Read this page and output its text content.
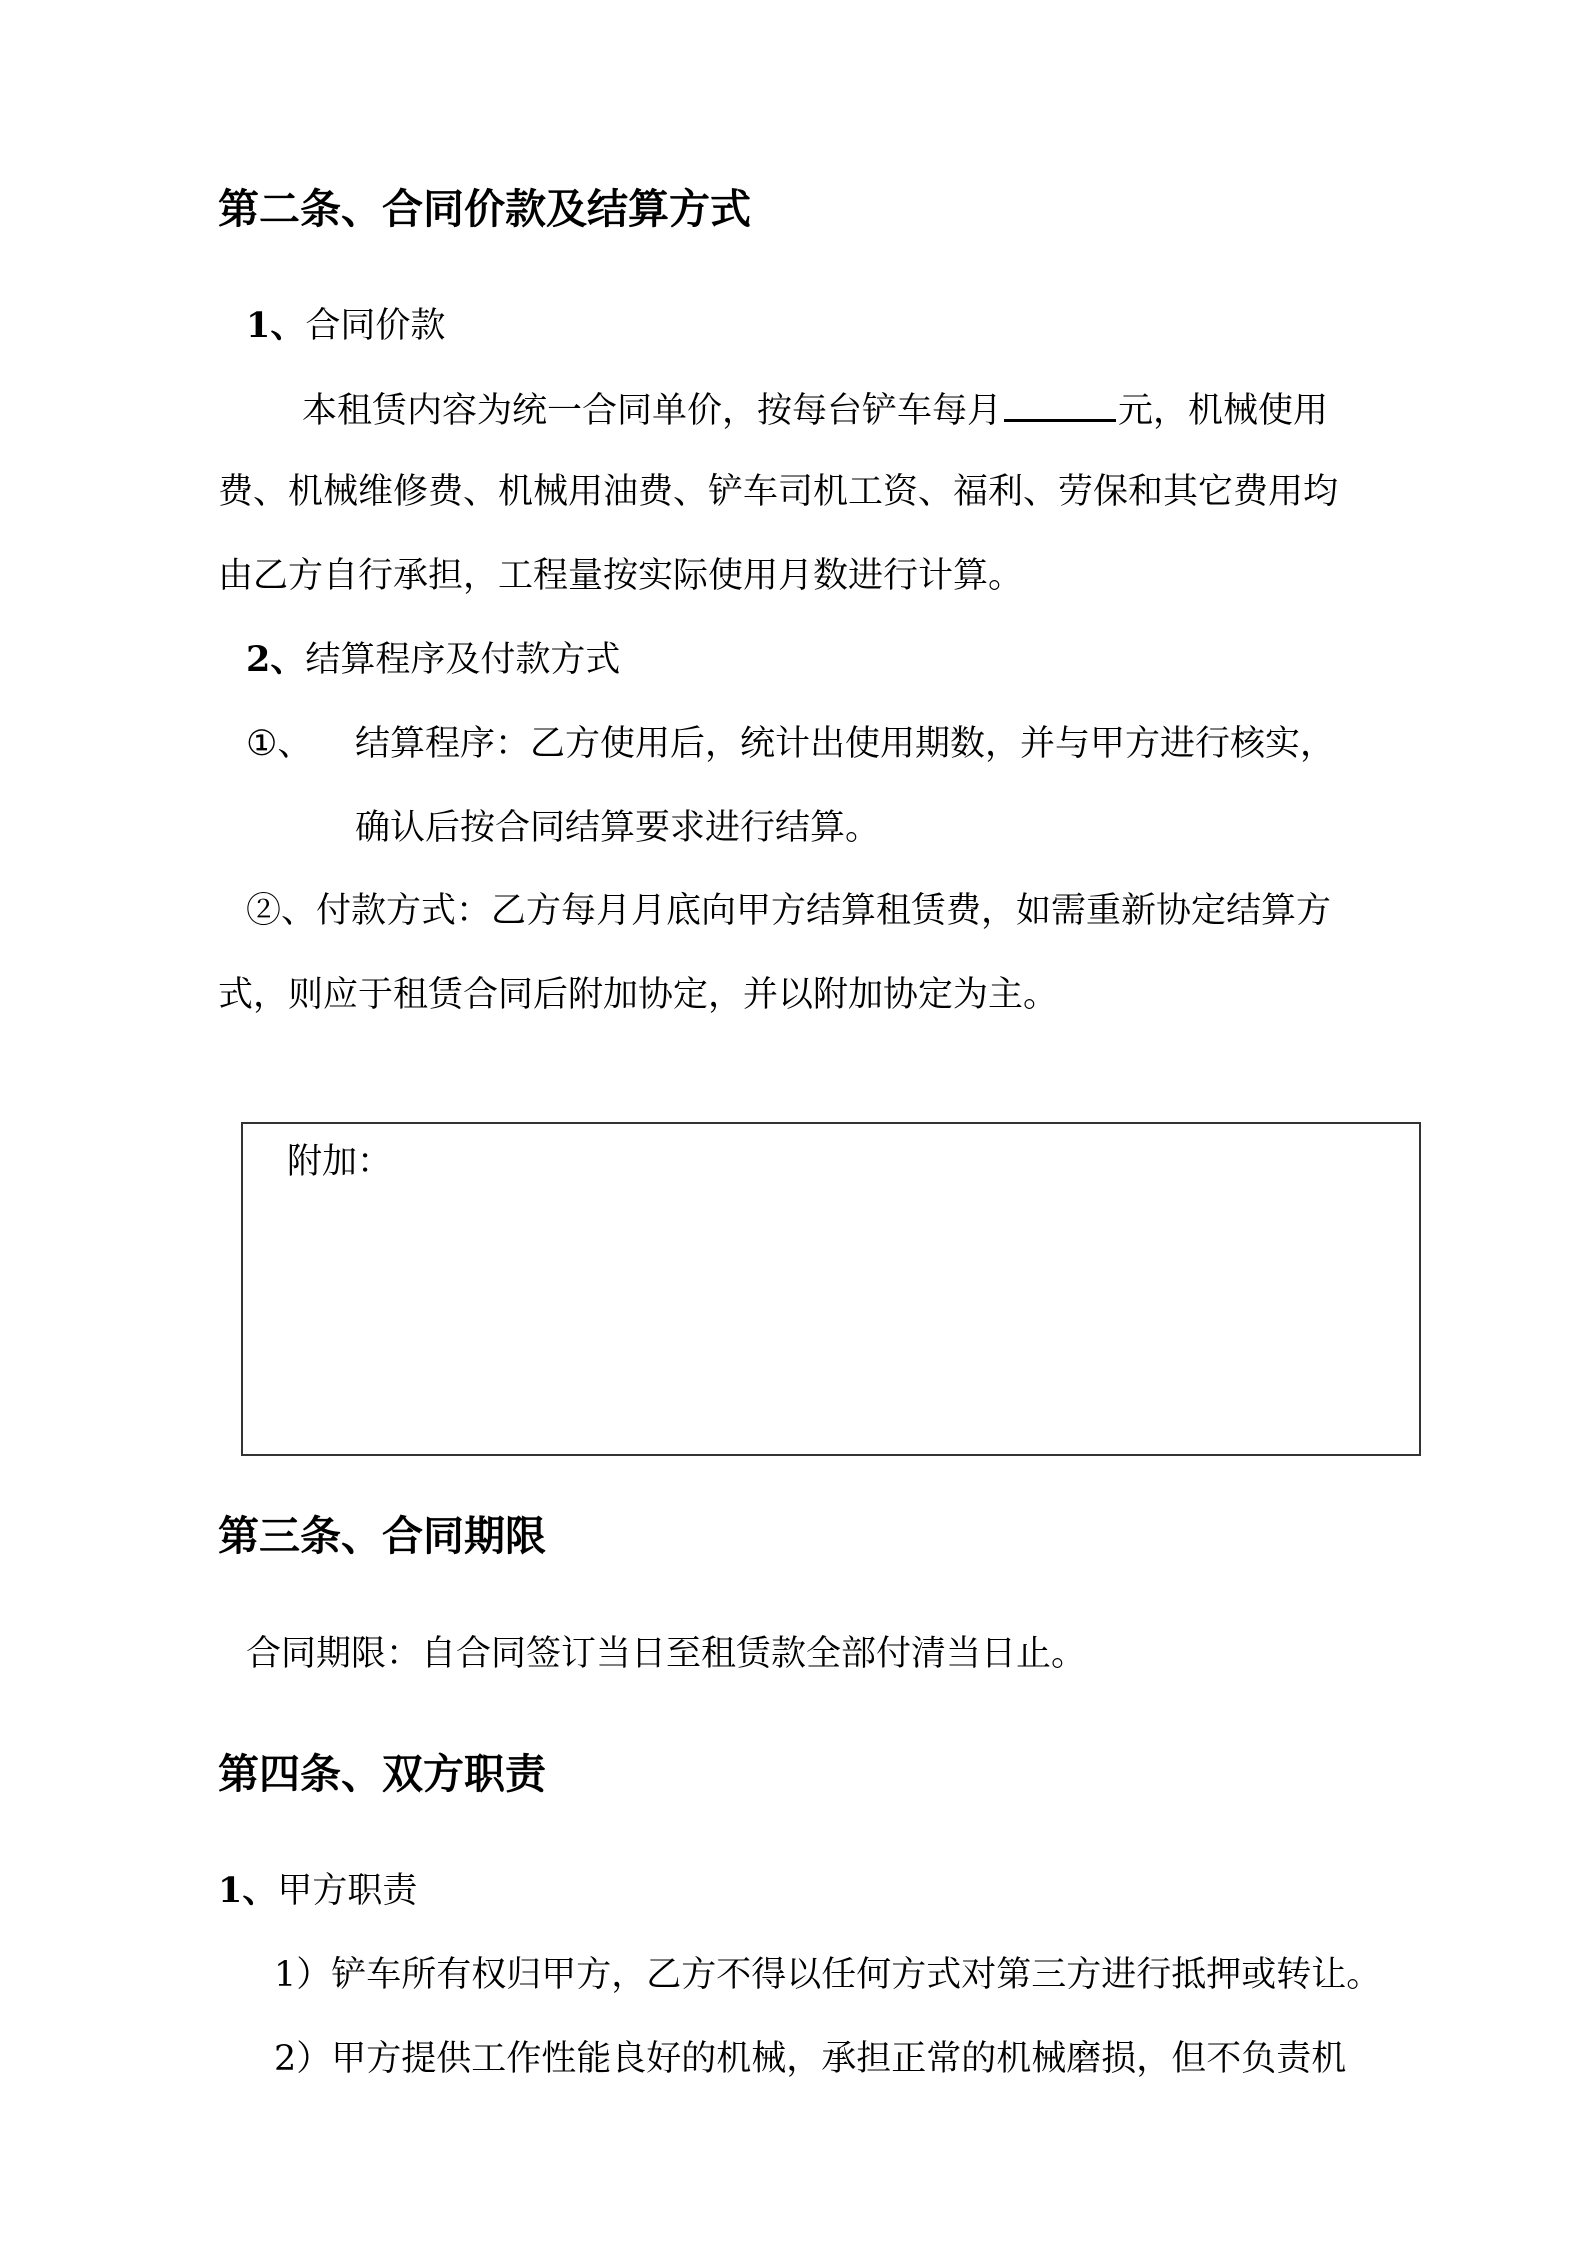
第二条、合同价款及结算方式
1、合同价款
本租赁内容为统一合同单价，按每台铲车每月	元，机械使用
费、机械维修费、机械用油费、铲车司机工资、福利、劳保和其它费用均
由乙方自行承担，工程量按实际使用月数进行计算。
2、结算程序及付款方式
①、 结算程序：乙方使用后，统计出使用期数，并与甲方进行核实，
确认后按合同结算要求进行结算。
②、付款方式：乙方每月月底向甲方结算租赁费，如需重新协定结算方
式，则应于租赁合同后附加协定，并以附加协定为主。
附加：
第三条、合同期限
合同期限：自合同签订当日至租赁款全部付清当日止。
第四条、双方职责
1、甲方职责
1）铲车所有权归甲方，乙方不得以任何方式对第三方进行抵押或转让。
2）甲方提供工作性能良好的机械，承担正常的机械磨损，但不负责机
